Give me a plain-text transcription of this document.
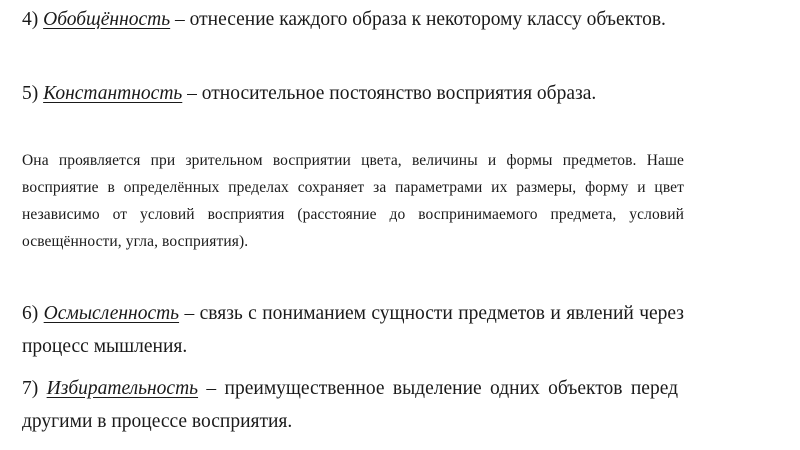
4) Обобщённость – отнесение каждого образа к некоторому классу объектов.

5) Константность – относительное постоянство восприятия образа.

Она проявляется при зрительном восприятии цвета, величины и формы предметов. Наше восприятие в определённых пределах сохраняет за параметрами их размеры, форму и цвет независимо от условий восприятия (расстояние до воспринимаемого предмета, условий освещённости, угла, восприятия).

6) Осмысленность – связь с пониманием сущности предметов и явлений через процесс мышления.

7) Избирательность – преимущественное выделение одних объектов перед другими в процессе восприятия.
